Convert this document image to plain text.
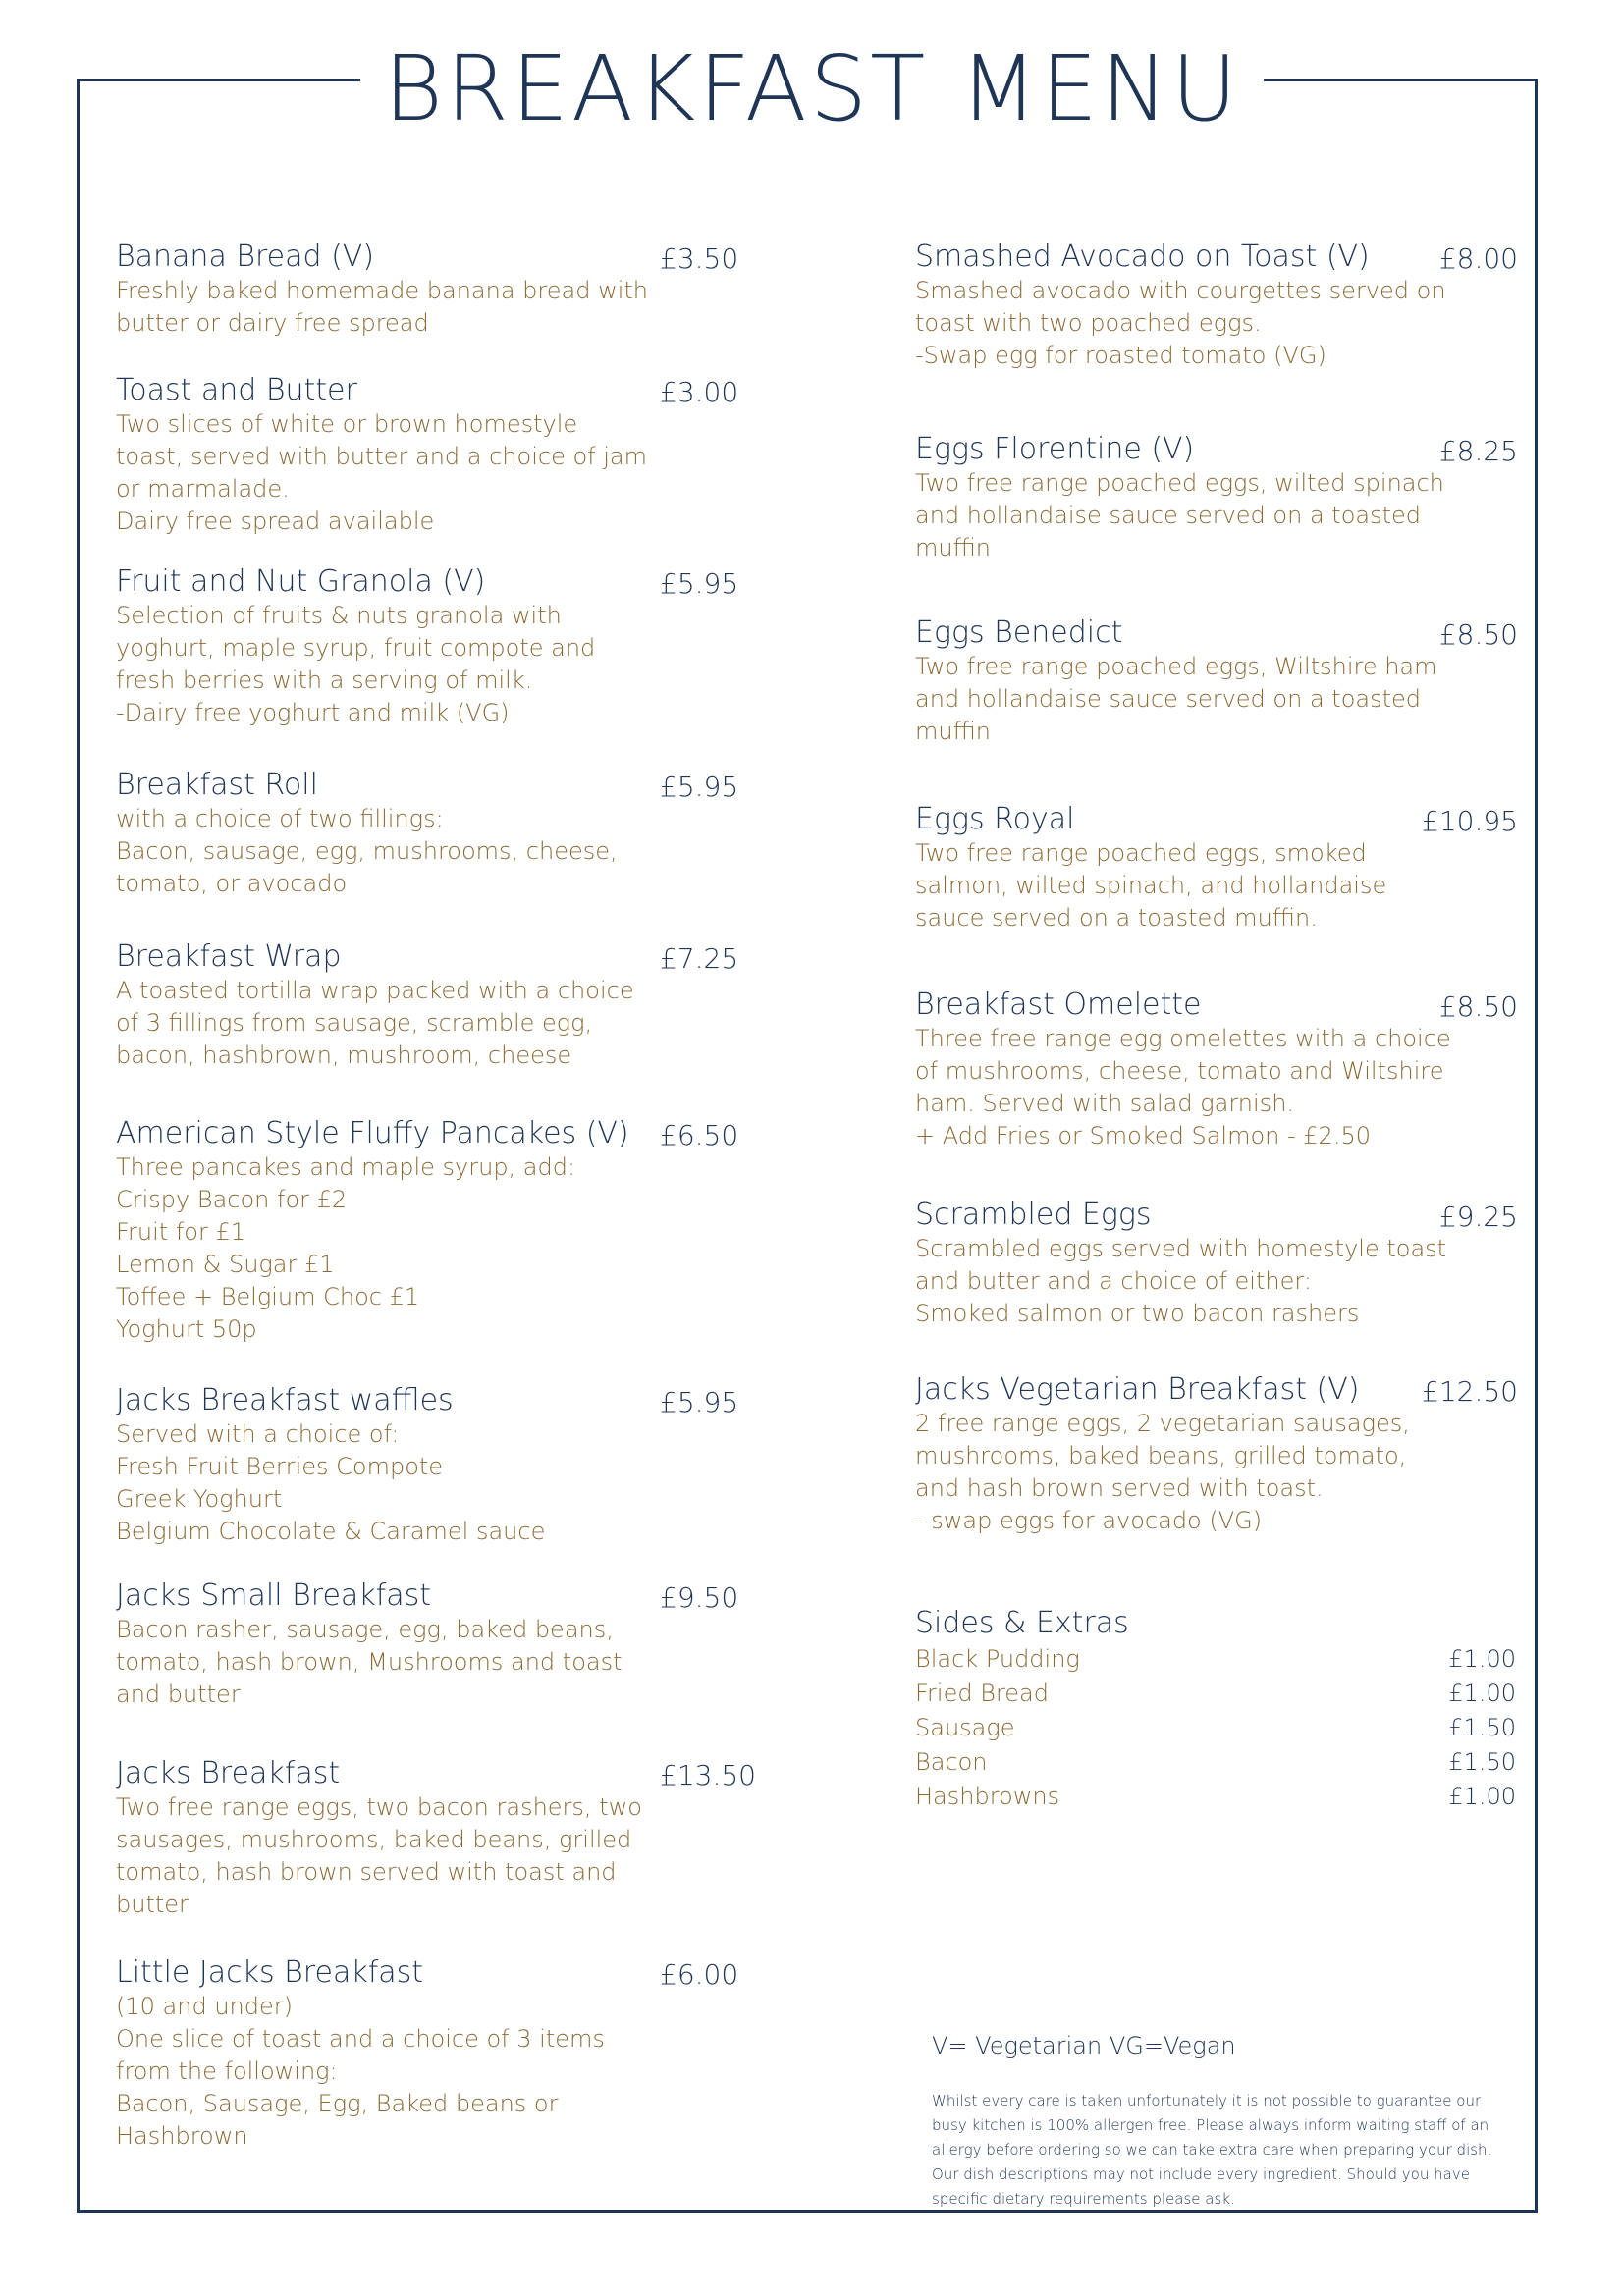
BREAKFAST MENU
Banana Bread (V)
Freshly baked homemade banana bread with
butter or dairy free spread
£3.50
Toast and Butter
Two slices of white or brown homestyle
toast, served with butter and a choice of jam
or marmalade.
Dairy free spread available
£3.00
Fruit and Nut Granola (V)
Selection of fruits & nuts granola with
yoghurt, maple syrup, fruit compote and
fresh berries with a serving of milk.
-Dairy free yoghurt and milk (VG)
£5.95
Breakfast Roll
with a choice of two fillings:
Bacon, sausage, egg, mushrooms, cheese,
tomato, or avocado
£5.95
Breakfast Wrap
A toasted tortilla wrap packed with a choice
of 3 fillings from sausage, scramble egg,
bacon, hashbrown, mushroom, cheese
£7.25
American Style Fluffy Pancakes (V)
Three pancakes and maple syrup, add:
Crispy Bacon for £2
Fruit for £1
Lemon & Sugar £1
Toffee + Belgium Choc £1
Yoghurt 50p
£6.50
Jacks Breakfast waffles
Served with a choice of:
Fresh Fruit Berries Compote
Greek Yoghurt
Belgium Chocolate & Caramel sauce
£5.95
Jacks Small Breakfast
Bacon rasher, sausage, egg, baked beans,
tomato, hash brown, Mushrooms and toast
and butter
£9.50
Jacks Breakfast
Two free range eggs, two bacon rashers, two
sausages, mushrooms, baked beans, grilled
tomato, hash brown served with toast and
butter
£13.50
Little Jacks Breakfast
(10 and under)
One slice of toast and a choice of 3 items
from the following:
Bacon, Sausage, Egg, Baked beans or
Hashbrown
£6.00
Smashed Avocado on Toast (V)
Smashed avocado with courgettes served on
toast with two poached eggs.
-Swap egg for roasted tomato (VG)
£8.00
Eggs Florentine (V)
Two free range poached eggs, wilted spinach
and hollandaise sauce served on a toasted
muffin
£8.25
Eggs Benedict
Two free range poached eggs, Wiltshire ham
and hollandaise sauce served on a toasted
muffin
£8.50
Eggs Royal
Two free range poached eggs, smoked
salmon, wilted spinach, and hollandaise
sauce served on a toasted muffin.
£10.95
Breakfast Omelette
Three free range egg omelettes with a choice
of mushrooms, cheese, tomato and Wiltshire
ham. Served with salad garnish.
+ Add Fries or Smoked Salmon - £2.50
£8.50
Scrambled Eggs
Scrambled eggs served with homestyle toast
and butter and a choice of either:
Smoked salmon or two bacon rashers
£9.25
Jacks Vegetarian Breakfast (V)
2 free range eggs, 2 vegetarian sausages,
mushrooms, baked beans, grilled tomato,
and hash brown served with toast.
- swap eggs for avocado (VG)
£12.50
Sides & Extras
Black Pudding	£1.00
Fried Bread	£1.00
Sausage	£1.50
Bacon	£1.50
Hashbrowns	£1.00
V= Vegetarian VG=Vegan
Whilst every care is taken unfortunately it is not possible to guarantee our
busy kitchen is 100% allergen free. Please always inform waiting staff of an
allergy before ordering so we can take extra care when preparing your dish.
Our dish descriptions may not include every ingredient. Should you have
specific dietary requirements please ask.
